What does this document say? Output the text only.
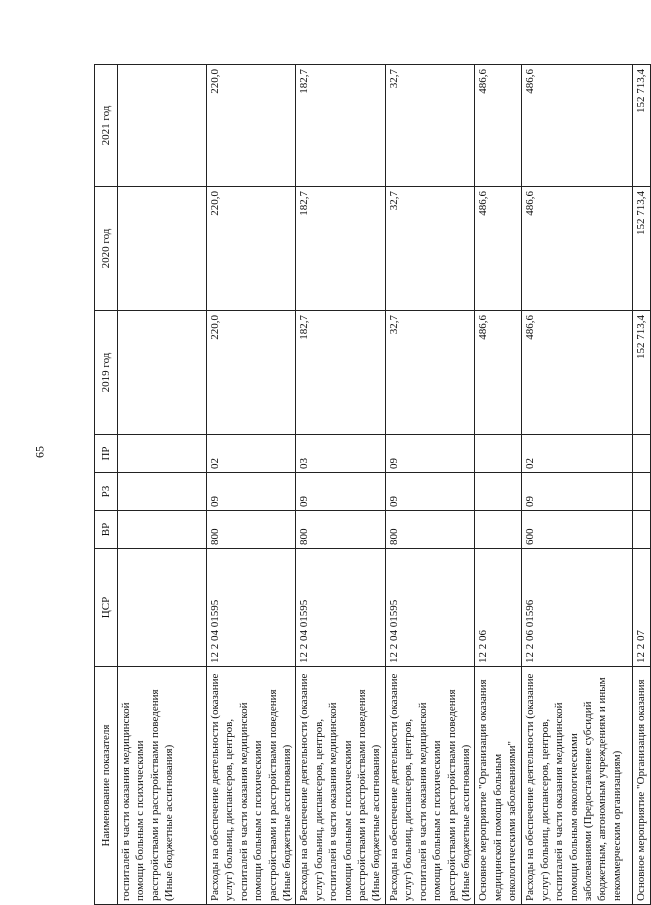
65
Наименование показателя	ЦСР	ВР	РЗ	ПР	2019 год	2020 год	2021 год
госпиталей в части оказания медицинской помощи больным с психическими расстройствами и расстройствами поведения (Иные бюджетные ассигнования)							
Расходы на обеспечение деятельности (оказание услуг) больниц, диспансеров, центров, госпиталей в части оказания медицинской помощи больным с психическими расстройствами и расстройствами поведения (Иные бюджетные ассигнования)	12 2 04 01595	800	09	02	220,0	220,0	220,0
Расходы на обеспечение деятельности (оказание услуг) больниц, диспансеров, центров, госпиталей в части оказания медицинской помощи больным с психическими расстройствами и расстройствами поведения (Иные бюджетные ассигнования)	12 2 04 01595	800	09	03	182,7	182,7	182,7
Расходы на обеспечение деятельности (оказание услуг) больниц, диспансеров, центров, госпиталей в части оказания медицинской помощи больным с психическими расстройствами и расстройствами поведения (Иные бюджетные ассигнования)	12 2 04 01595	800	09	09	32,7	32,7	32,7
Основное мероприятие "Организация оказания медицинской помощи больным онкологическими заболеваниями"	12 2 06				486,6	486,6	486,6
Расходы на обеспечение деятельности (оказание услуг) больниц, диспансеров, центров, госпиталей в части оказания медицинской помощи больным онкологическими заболеваниями (Предоставление субсидий бюджетным, автономным учреждениям и иным некоммерческим организациям)	12 2 06 01596	600	09	02	486,6	486,6	486,6
Основное мероприятие "Организация оказания	12 2 07				152 713,4	152 713,4	152 713,4
